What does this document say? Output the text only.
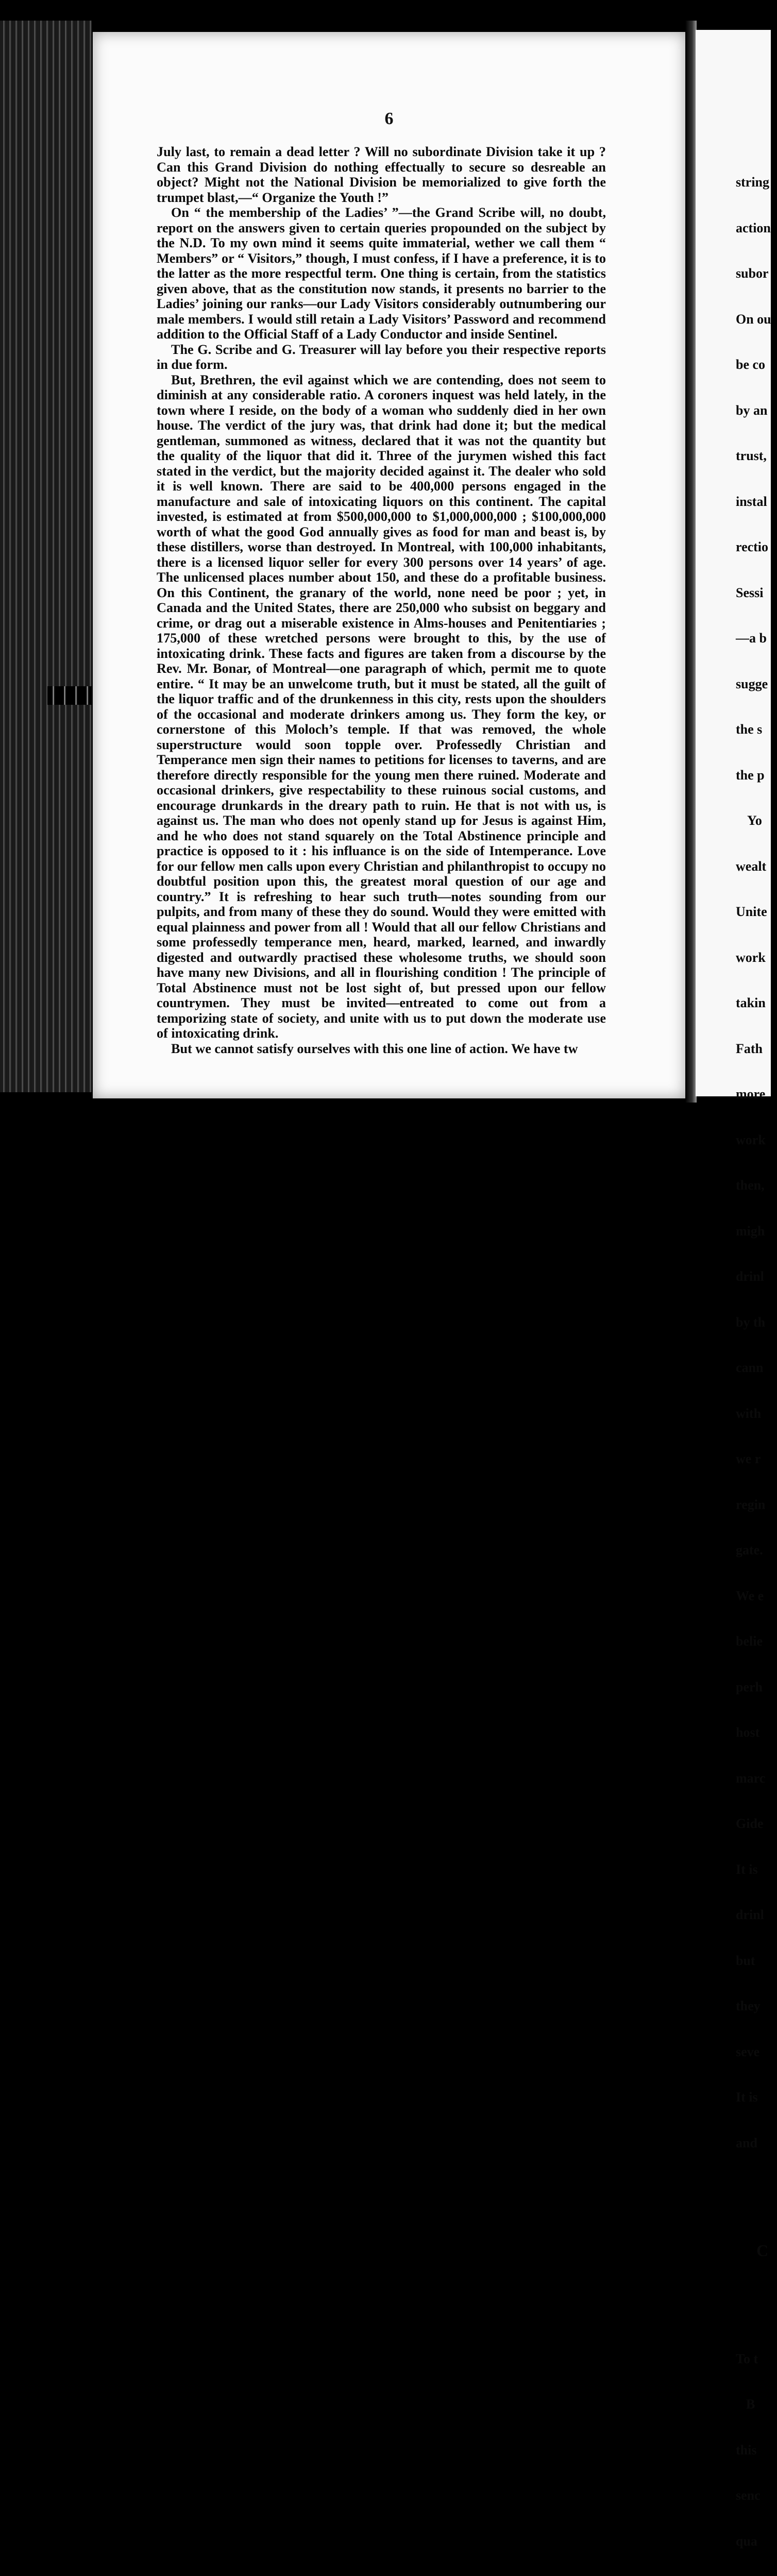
6

July last, to remain a dead letter ? Will no subordinate Division take it up ? Can this Grand Division do nothing effectually to secure so desreable an object? Might not the National Division be memorialized to give forth the trumpet blast,—“ Organize the Youth !”

On “ the membership of the Ladies’ ”—the Grand Scribe will, no doubt, report on the answers given to certain queries propounded on the subject by the N.D. To my own mind it seems quite immaterial, wether we call them “ Members” or “ Visitors,” though, I must confess, if I have a preference, it is to the latter as the more respectful term. One thing is certain, from the statistics given above, that as the constitution now stands, it presents no barrier to the Ladies’ joining our ranks—our Lady Visitors considerably outnumbering our male members. I would still retain a Lady Visitors’ Password and recommend addition to the Official Staff of a Lady Conductor and inside Sentinel.

The G. Scribe and G. Treasurer will lay before you their respective reports in due form.

But, Brethren, the evil against which we are contending, does not seem to diminish at any considerable ratio. A coroners inquest was held lately, in the town where I reside, on the body of a woman who suddenly died in her own house. The verdict of the jury was, that drink had done it; but the medical gentleman, summoned as witness, declared that it was not the quantity but the quality of the liquor that did it. Three of the jurymen wished this fact stated in the verdict, but the majority decided against it. The dealer who sold it is well known. There are said to be 400,000 persons engaged in the manufacture and sale of intoxicating liquors on this continent. The capital invested, is estimated at from $500,000,000 to $1,000,000,000 ; $100,000,000 worth of what the good God annually gives as food for man and beast is, by these distillers, worse than destroyed. In Montreal, with 100,000 inhabitants, there is a licensed liquor seller for every 300 persons over 14 years’ of age. The unlicensed places number about 150, and these do a profitable business. On this Continent, the granary of the world, none need be poor ; yet, in Canada and the United States, there are 250,000 who subsist on beggary and crime, or drag out a miserable existence in Alms-houses and Penitentiaries ; 175,000 of these wretched persons were brought to this, by the use of intoxicating drink. These facts and figures are taken from a discourse by the Rev. Mr. Bonar, of Montreal—one paragraph of which, permit me to quote entire. “ It may be an unwelcome truth, but it must be stated, all the guilt of the liquor traffic and of the drunkenness in this city, rests upon the shoulders of the occasional and moderate drinkers among us. They form the key, or cornerstone of this Moloch’s temple. If that was removed, the whole superstructure would soon topple over. Professedly Christian and Temperance men sign their names to petitions for licenses to taverns, and are therefore directly responsible for the young men there ruined. Moderate and occasional drinkers, give respectability to these ruinous social customs, and encourage drunkards in the dreary path to ruin. He that is not with us, is against us. The man who does not openly stand up for Jesus is against Him, and he who does not stand squarely on the Total Abstinence principle and practice is opposed to it : his influance is on the side of Intemperance. Love for our fellow men calls upon every Christian and philanthropist to occupy no doubtful position upon this, the greatest moral question of our age and country.” It is refreshing to hear such truth—notes sounding from our pulpits, and from many of these they do sound. Would they were emitted with equal plainness and power from all ! Would that all our fellow Christians and some professedly temperance men, heard, marked, learned, and inwardly digested and outwardly practised these wholesome truths, we should soon have many new Divisions, and all in flourishing condition ! The principle of Total Abstinence must not be lost sight of, but pressed upon our fellow countrymen. They must be invited—entreated to come out from a temporizing state of society, and unite with us to put down the moderate use of intoxicating drink.

But we cannot satisfy ourselves with this one line of action. We have tw

string

action

subor

On ou

be co

by an

trust,

instal

rectio

Sessi

—a b

sugge

the s

the p

Yo

wealt

Unite

work

takin

Fath

more

work

then,

migh

drinl

by th

cann

with

we r

regin

gate.

We e

belie

perh

host

marc

Gide

It is

drinl

but

they

seve

It is

and

C

To t

B

this

senc

qua
